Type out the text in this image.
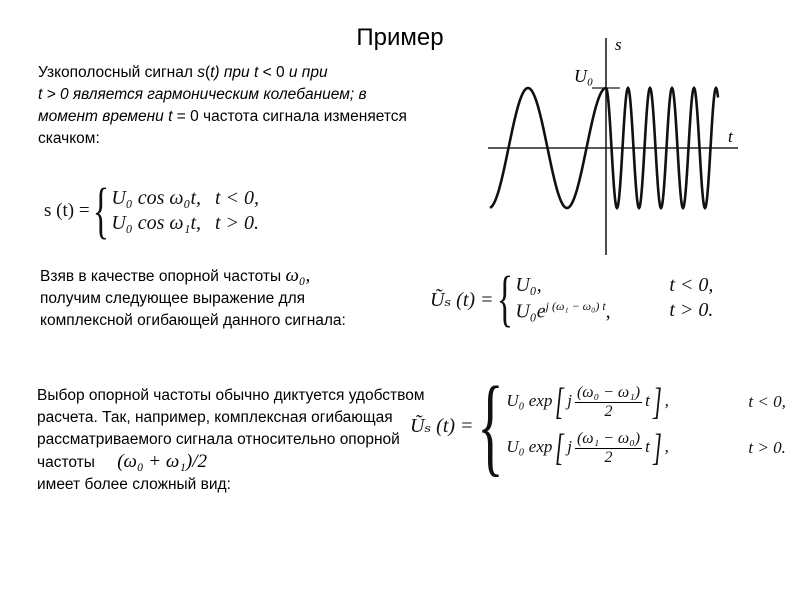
Пример
Узкополосный сигнал s(t) при t < 0 и при
t > 0 является гармоническим колебанием; в момент времени t = 0 частота сигнала изменяется скачком:
s (t) = { U₀ cos ω₀t, t < 0,
U₀ cos ω₁t, t > 0.
Взяв в качестве опорной частоты ω₀,
получим следующее выражение для комплексной огибающей данного сигнала:
Ũₛ (t) = { U₀,	t < 0,
$U_0e^{j (\omega_1 - \omega_0) t}$,	t > 0.
Выбор опорной частоты обычно диктуется удобством расчета. Так, например, комплексная огибающая рассматриваемого сигнала относительно опорной частоты (ω₀ + ω₁)/2
имеет более сложный вид:
Ũₛ (t) = { U₀ exp[ j $\frac{\text{(ω₀ − ω₁)}}{2} t$] ,	t < 0,
U₀ exp[ j $\frac{\text{(ω₁ − ω₀)}}{2} t$] ,	t > 0.
s
t
U₀
